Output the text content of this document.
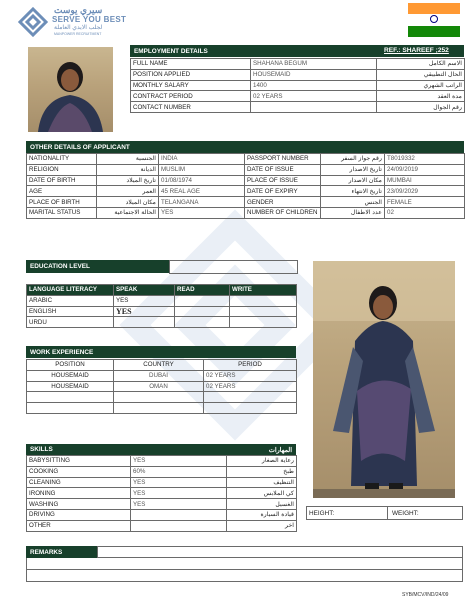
سيري يوست
SERVE YOU BEST
لجلب الايدي العاملة
MANPOWER RECRUITMENT
EMPLOYMENT DETAILS	REF.: SHAREEF ;252
FULL NAME	SHAHANA BEGUM	الاسم الكامل
POSITION APPLIED	HOUSEMAID	الحال التطبيقي
MONTHLY SALARY	1400	الراتب الشهري
CONTRACT PERIOD	02 YEARS	مدة العقد
CONTACT NUMBER		رقم الجوال
OTHER DETAILS OF APPLICANT
NATIONALITY	الجنسية	INDIA	PASSPORT NUMBER	رقم جواز السفر	T8019332
RELIGION	الديانة	MUSLIM	DATE OF ISSUE	تاريخ الاصدار	24/09/2019
DATE OF BIRTH	تاريخ الميلاد	01/08/1974	PLACE OF ISSUE	مكان الاصدار	MUMBAI
AGE	العمر	45 REAL AGE	DATE OF EXPIRY	تاريخ الانتهاء	23/09/2029
PLACE OF BIRTH	مكان الميلاد	TELANGANA	GENDER	الجنس	FEMALE
MARITAL STATUS	الحالة الاجتماعية	YES	NUMBER OF CHILDREN	عدد الاطفال	02
EDUCATION LEVEL
LANGUAGE LITERACY	SPEAK	READ	WRITE
ARABIC	YES		
ENGLISH	YES		
URDU			
WORK EXPERIENCE
POSITION	COUNTRY	PERIOD
HOUSEMAID	DUBAI	02 YEARS
HOUSEMAID	OMAN	02 YEARS

SKILLS	المهارات
BABYSITTING	YES	رعاية الصغار
COOKING	60%	طبخ
CLEANING	YES	التنظيف
IRONING	YES	كي الملابس
WASHING	YES	الغسيل
DRIVING		قيادة السيارة
OTHER		اخر
HEIGHT:	WEIGHT:
REMARKS
SYB/MCV/IND/24/09
